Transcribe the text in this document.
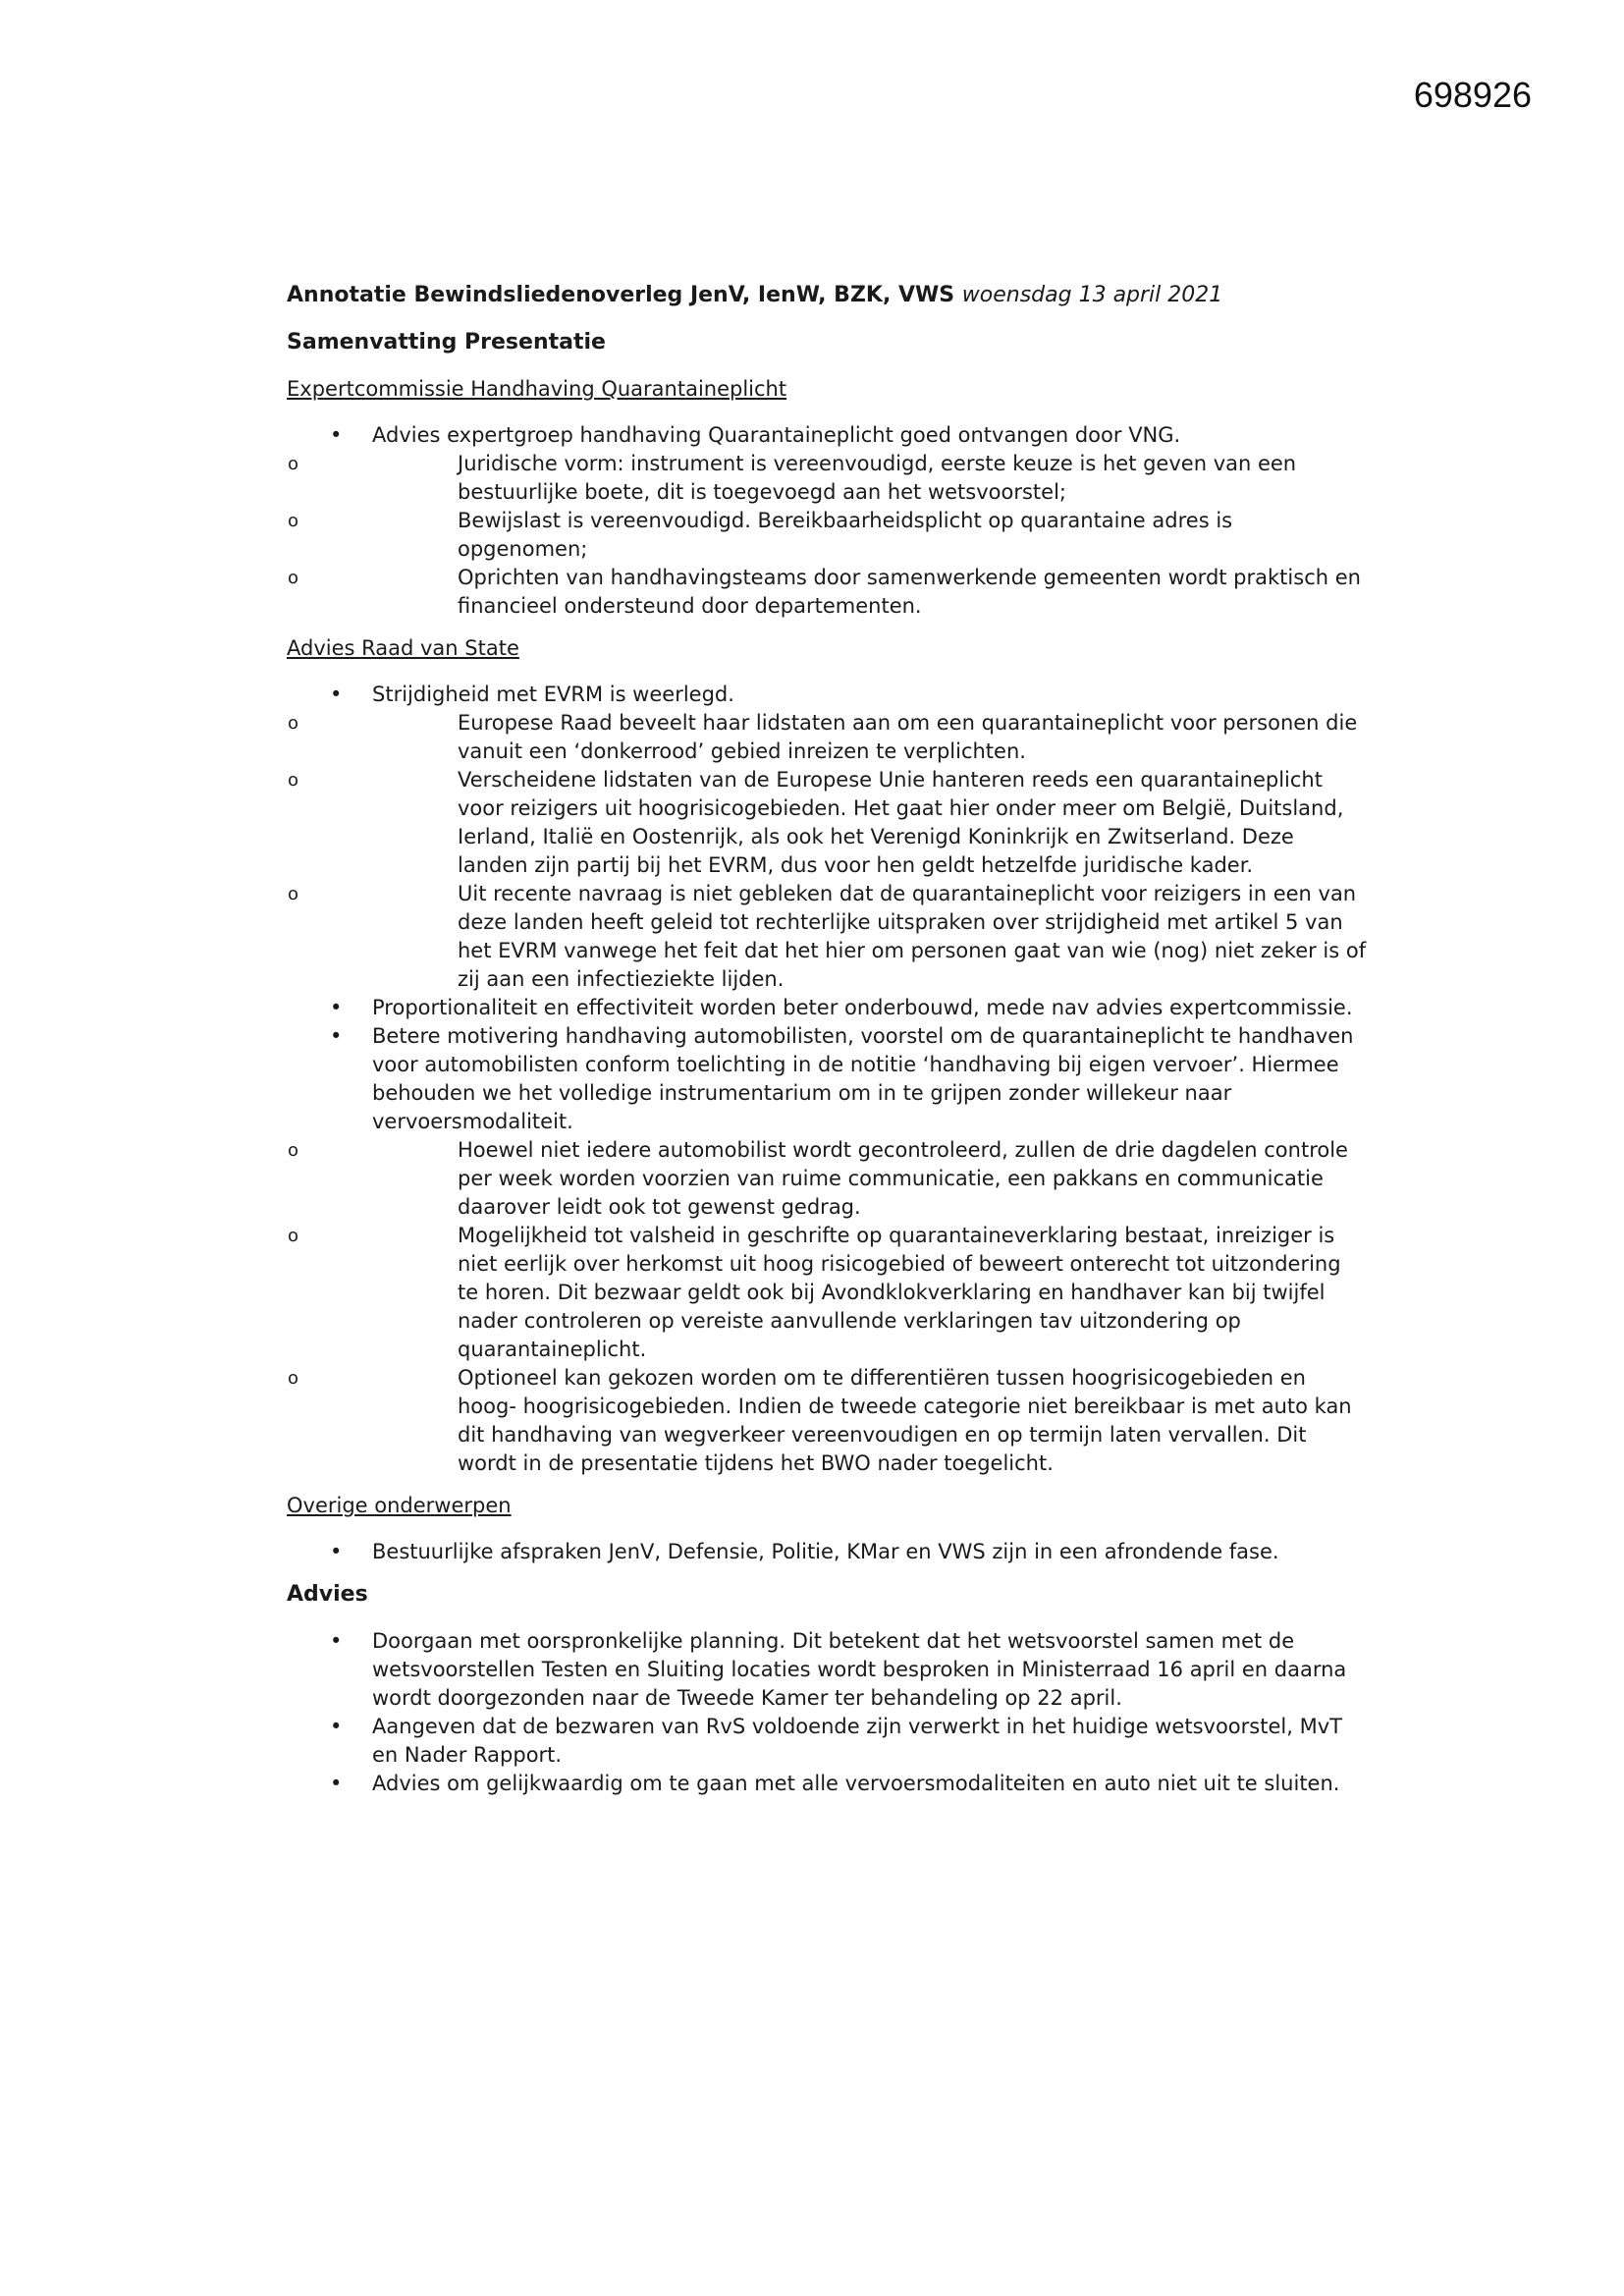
698926
Annotatie Bewindsliedenoverleg JenV, IenW, BZK, VWS woensdag 13 april 2021
Samenvatting Presentatie
Expertcommissie Handhaving Quarantaineplicht
• Advies expertgroep handhaving Quarantaineplicht goed ontvangen door VNG.
o Juridische vorm: instrument is vereenvoudigd, eerste keuze is het geven van een bestuurlijke boete, dit is toegevoegd aan het wetsvoorstel;
o Bewijslast is vereenvoudigd. Bereikbaarheidsplicht op quarantaine adres is opgenomen;
o Oprichten van handhavingsteams door samenwerkende gemeenten wordt praktisch en financieel ondersteund door departementen.
Advies Raad van State
• Strijdigheid met EVRM is weerlegd.
o Europese Raad beveelt haar lidstaten aan om een quarantaineplicht voor personen die vanuit een ‘donkerrood’ gebied inreizen te verplichten.
o Verscheidene lidstaten van de Europese Unie hanteren reeds een quarantaineplicht voor reizigers uit hoogrisicogebieden. Het gaat hier onder meer om België, Duitsland, Ierland, Italië en Oostenrijk, als ook het Verenigd Koninkrijk en Zwitserland. Deze landen zijn partij bij het EVRM, dus voor hen geldt hetzelfde juridische kader.
o Uit recente navraag is niet gebleken dat de quarantaineplicht voor reizigers in een van deze landen heeft geleid tot rechterlijke uitspraken over strijdigheid met artikel 5 van het EVRM vanwege het feit dat het hier om personen gaat van wie (nog) niet zeker is of zij aan een infectieziekte lijden.
• Proportionaliteit en effectiviteit worden beter onderbouwd, mede nav advies expertcommissie.
• Betere motivering handhaving automobilisten, voorstel om de quarantaineplicht te handhaven voor automobilisten conform toelichting in de notitie ‘handhaving bij eigen vervoer’. Hiermee behouden we het volledige instrumentarium om in te grijpen zonder willekeur naar vervoersmodaliteit.
o Hoewel niet iedere automobilist wordt gecontroleerd, zullen de drie dagdelen controle per week worden voorzien van ruime communicatie, een pakkans en communicatie daarover leidt ook tot gewenst gedrag.
o Mogelijkheid tot valsheid in geschrifte op quarantaineverklaring bestaat, inreiziger is niet eerlijk over herkomst uit hoog risicogebied of beweert onterecht tot uitzondering te horen. Dit bezwaar geldt ook bij Avondklokverklaring en handhaver kan bij twijfel nader controleren op vereiste aanvullende verklaringen tav uitzondering op quarantaineplicht.
o Optioneel kan gekozen worden om te differentiëren tussen hoogrisicogebieden en hoog- hoogrisicogebieden. Indien de tweede categorie niet bereikbaar is met auto kan dit handhaving van wegverkeer vereenvoudigen en op termijn laten vervallen. Dit wordt in de presentatie tijdens het BWO nader toegelicht.
Overige onderwerpen
• Bestuurlijke afspraken JenV, Defensie, Politie, KMar en VWS zijn in een afrondende fase.
Advies
• Doorgaan met oorspronkelijke planning. Dit betekent dat het wetsvoorstel samen met de wetsvoorstellen Testen en Sluiting locaties wordt besproken in Ministerraad 16 april en daarna wordt doorgezonden naar de Tweede Kamer ter behandeling op 22 april.
• Aangeven dat de bezwaren van RvS voldoende zijn verwerkt in het huidige wetsvoorstel, MvT en Nader Rapport.
• Advies om gelijkwaardig om te gaan met alle vervoersmodaliteiten en auto niet uit te sluiten.
